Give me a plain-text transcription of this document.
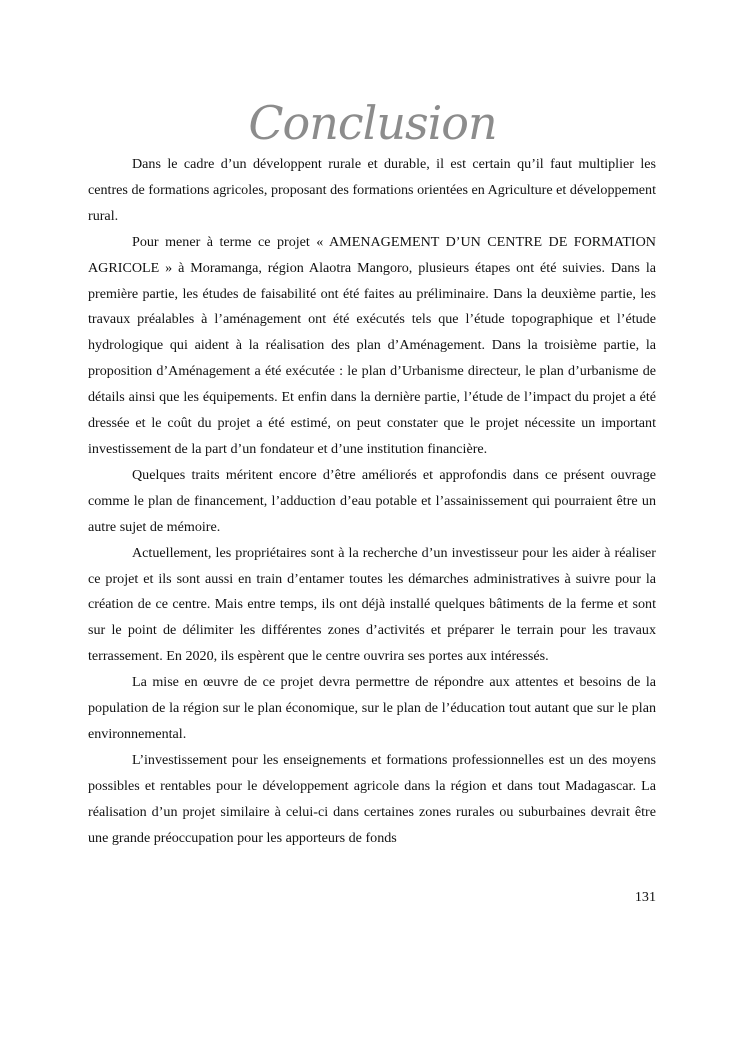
Conclusion

Dans le cadre d’un développent rurale et durable, il est certain qu’il faut multiplier les centres de formations agricoles, proposant des formations orientées en Agriculture et développement rural.

Pour mener à terme ce projet « AMENAGEMENT D’UN CENTRE DE FORMATION AGRICOLE » à Moramanga, région Alaotra Mangoro, plusieurs étapes ont été suivies. Dans la première partie, les études de faisabilité ont été faites au préliminaire. Dans la deuxième partie, les travaux préalables à l’aménagement ont été exécutés tels que l’étude topographique et l’étude hydrologique qui aident à la réalisation des plan d’Aménagement. Dans la troisième partie, la proposition d’Aménagement a été exécutée : le plan d’Urbanisme directeur, le plan d’urbanisme de détails ainsi que les équipements. Et enfin dans la dernière partie, l’étude de l’impact du projet a été dressée et le coût du projet a été estimé, on peut constater que le projet nécessite un important investissement de la part d’un fondateur et d’une institution financière.

Quelques traits méritent encore d’être améliorés et approfondis dans ce présent ouvrage comme le plan de financement, l’adduction d’eau potable et l’assainissement qui pourraient être un autre sujet de mémoire.

Actuellement, les propriétaires sont à la recherche d’un investisseur pour les aider à réaliser ce projet et ils sont aussi en train d’entamer toutes les démarches administratives à suivre pour la création de ce centre. Mais entre temps, ils ont déjà installé quelques bâtiments de la ferme et sont sur le point de délimiter les différentes zones d’activités et préparer le terrain pour les travaux terrassement. En 2020, ils espèrent que le centre ouvrira ses portes aux intéressés.

La mise en œuvre de ce projet devra permettre de répondre aux attentes et besoins de la population de la région sur le plan économique, sur le plan de l’éducation tout autant que sur le plan environnemental.

L’investissement pour les enseignements et formations professionnelles est un des moyens possibles et rentables pour le développement agricole dans la région et dans tout Madagascar. La réalisation d’un projet similaire à celui-ci dans certaines zones rurales ou suburbaines devrait être une grande préoccupation pour les apporteurs de fonds

131
